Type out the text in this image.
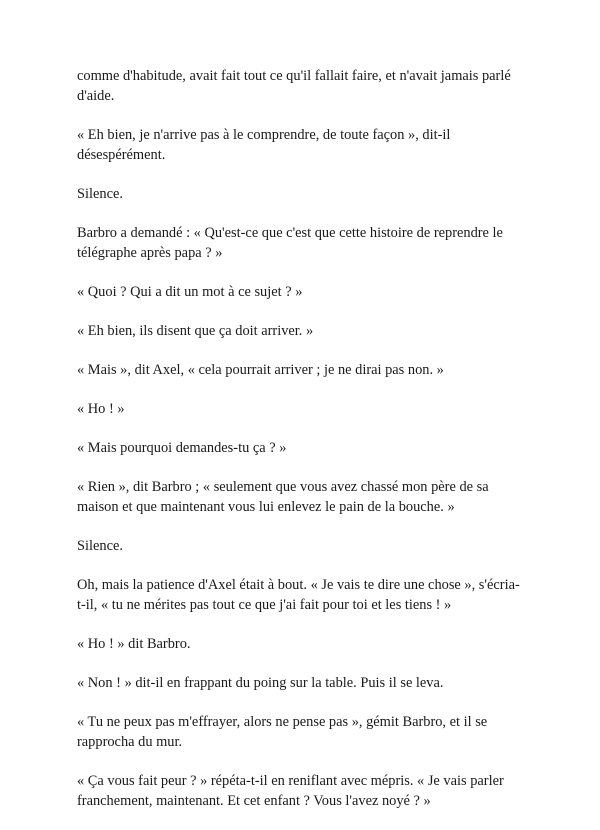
comme d'habitude, avait fait tout ce qu'il fallait faire, et n'avait jamais parlé d'aide.

« Eh bien, je n'arrive pas à le comprendre, de toute façon », dit-il désespérément.

Silence.

Barbro a demandé : « Qu'est-ce que c'est que cette histoire de reprendre le télégraphe après papa ? »

« Quoi ? Qui a dit un mot à ce sujet ? »

« Eh bien, ils disent que ça doit arriver. »

« Mais », dit Axel, « cela pourrait arriver ; je ne dirai pas non. »

« Ho ! »

« Mais pourquoi demandes-tu ça ? »

« Rien », dit Barbro ; « seulement que vous avez chassé mon père de sa maison et que maintenant vous lui enlevez le pain de la bouche. »

Silence.

Oh, mais la patience d'Axel était à bout. « Je vais te dire une chose », s'écria-t-il, « tu ne mérites pas tout ce que j'ai fait pour toi et les tiens ! »

« Ho ! » dit Barbro.

« Non ! » dit-il en frappant du poing sur la table. Puis il se leva.

« Tu ne peux pas m'effrayer, alors ne pense pas », gémit Barbro, et il se rapprocha du mur.

« Ça vous fait peur ? » répéta-t-il en reniflant avec mépris. « Je vais parler franchement, maintenant. Et cet enfant ? Vous l'avez noyé ? »
